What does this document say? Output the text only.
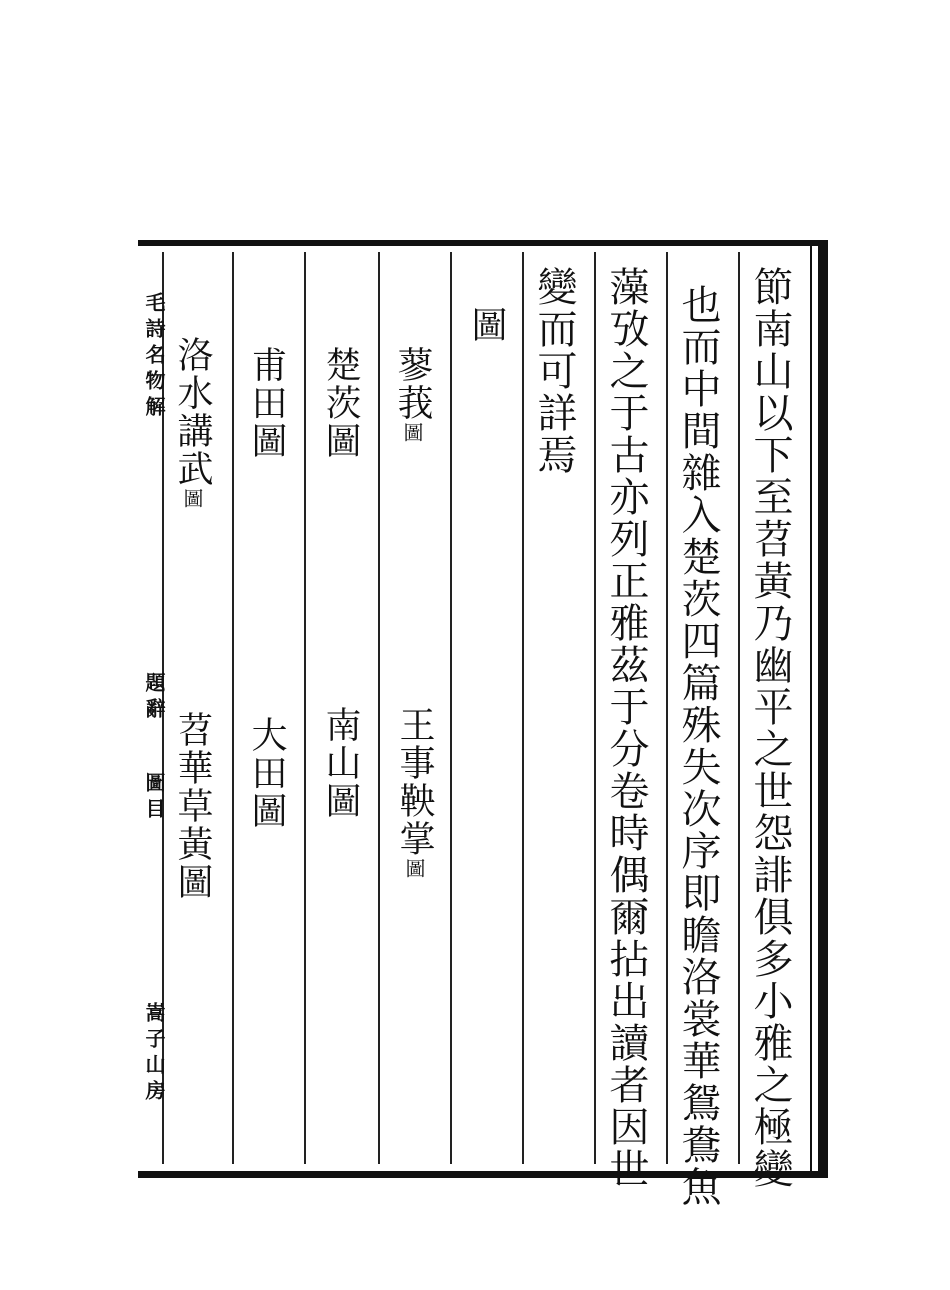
毛詩名物解
題辭
圖目
嵩子山房	節南山以下至苕黃乃幽平之世怨誹俱多小雅之極變
也而中間雜入楚茨四篇殊失次序即瞻洛裳華鴛鴦魚
藻攷之于古亦列正雅茲于分卷時偶爾拈出讀者因世
變而可詳焉
圖
蓼莪圖
楚茨圖
甫田圖
洛水講武圖
王事鞅掌圖
南山圖
大田圖
苕華草黃圖
